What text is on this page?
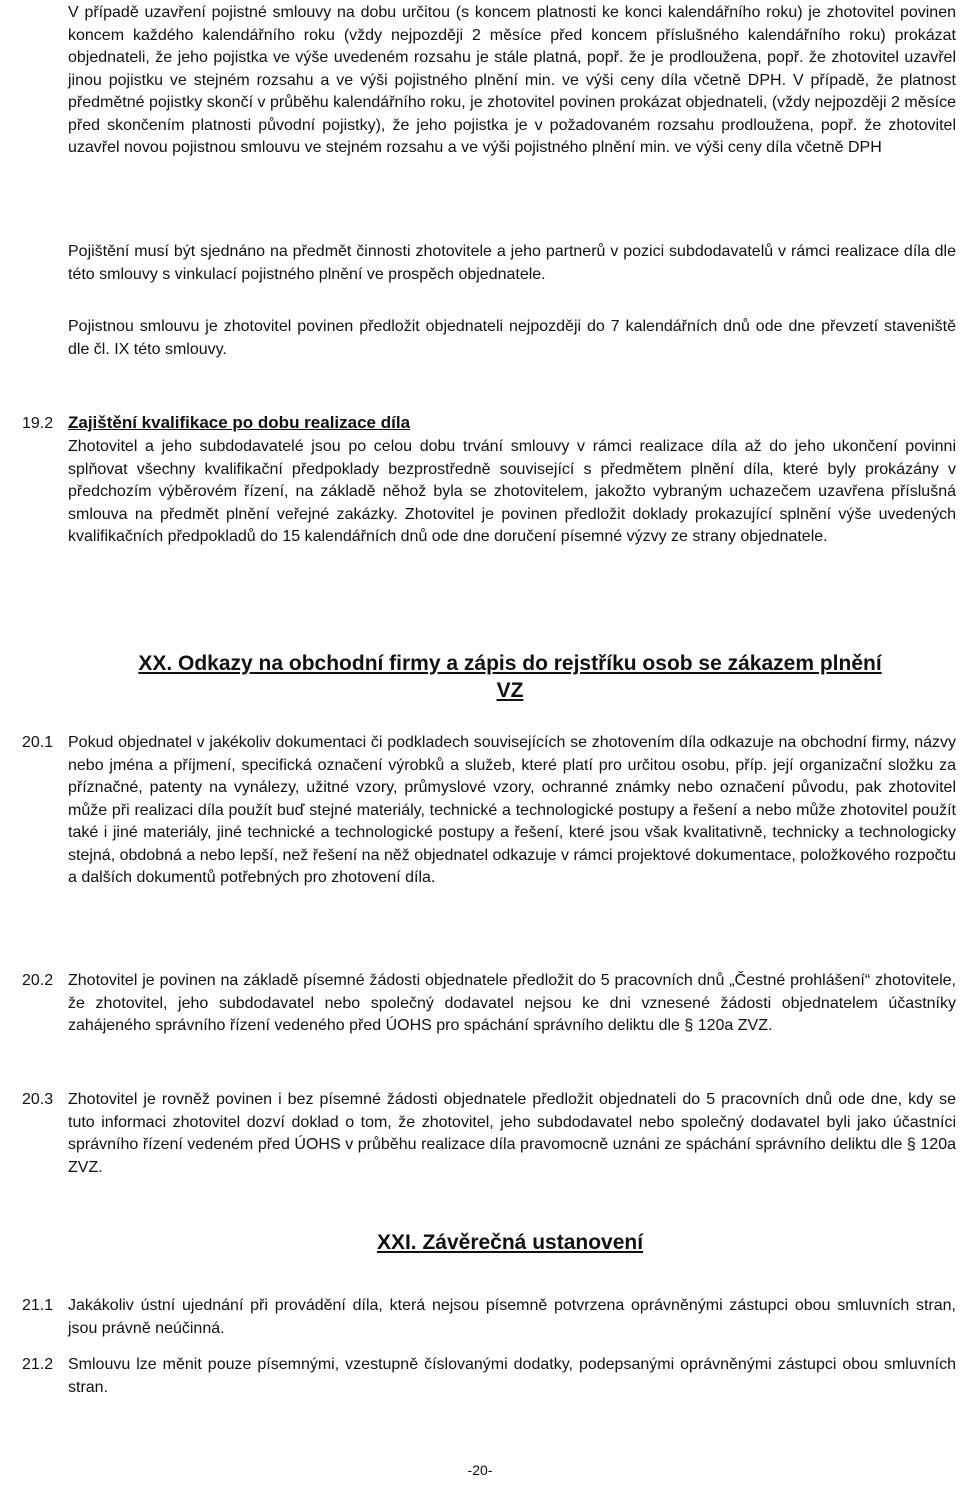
V případě uzavření pojistné smlouvy na dobu určitou (s koncem platnosti ke konci kalendářního roku) je zhotovitel povinen koncem každého kalendářního roku (vždy nejpozději 2 měsíce před koncem příslušného kalendářního roku) prokázat objednateli, že jeho pojistka ve výše uvedeném rozsahu je stále platná, popř. že je prodloužena, popř. že zhotovitel uzavřel jinou pojistku ve stejném rozsahu a ve výši pojistného plnění min. ve výši ceny díla včetně DPH. V případě, že platnost předmětné pojistky skončí v průběhu kalendářního roku, je zhotovitel povinen prokázat objednateli, (vždy nejpozději 2 měsíce před skončením platnosti původní pojistky), že jeho pojistka je v požadovaném rozsahu prodloužena, popř. že zhotovitel uzavřel novou pojistnou smlouvu ve stejném rozsahu a ve výši pojistného plnění min. ve výši ceny díla včetně DPH
Pojištění musí být sjednáno na předmět činnosti zhotovitele a jeho partnerů v pozici subdodavatelů v rámci realizace díla dle této smlouvy s vinkulací pojistného plnění ve prospěch objednatele.
Pojistnou smlouvu je zhotovitel povinen předložit objednateli nejpozději do 7 kalendářních dnů ode dne převzetí staveniště dle čl. IX této smlouvy.
19.2 Zajištění kvalifikace po dobu realizace díla
Zhotovitel a jeho subdodavatelé jsou po celou dobu trvání smlouvy v rámci realizace díla až do jeho ukončení povinni splňovat všechny kvalifikační předpoklady bezprostředně související s předmětem plnění díla, které byly prokázány v předchozím výběrovém řízení, na základě něhož byla se zhotovitelem, jakožto vybraným uchazečem uzavřena příslušná smlouva na předmět plnění veřejné zakázky. Zhotovitel je povinen předložit doklady prokazující splnění výše uvedených kvalifikačních předpokladů do 15 kalendářních dnů ode dne doručení písemné výzvy ze strany objednatele.
XX. Odkazy na obchodní firmy a zápis do rejstříku osob se zákazem plnění
VZ
20.1 Pokud objednatel v jakékoliv dokumentaci či podkladech souvisejících se zhotovením díla odkazuje na obchodní firmy, názvy nebo jména a příjmení, specifická označení výrobků a služeb, které platí pro určitou osobu, příp. její organizační složku za příznačné, patenty na vynálezy, užitné vzory, průmyslové vzory, ochranné známky nebo označení původu, pak zhotovitel může při realizaci díla použít buď stejné materiály, technické a technologické postupy a řešení a nebo může zhotovitel použít také i jiné materiály, jiné technické a technologické postupy a řešení, které jsou však kvalitativně, technicky a technologicky stejná, obdobná a nebo lepší, než řešení na něž objednatel odkazuje v rámci projektové dokumentace, položkového rozpočtu a dalších dokumentů potřebných pro zhotovení díla.
20.2 Zhotovitel je povinen na základě písemné žádosti objednatele předložit do 5 pracovních dnů „Čestné prohlášení“ zhotovitele, že zhotovitel, jeho subdodavatel nebo společný dodavatel nejsou ke dni vznesené žádosti objednatelem účastníky zahájeného správního řízení vedeného před ÚOHS pro spáchání správního deliktu dle § 120a ZVZ.
20.3 Zhotovitel je rovněž povinen i bez písemné žádosti objednatele předložit objednateli do 5 pracovních dnů ode dne, kdy se tuto informaci zhotovitel dozví doklad o tom, že zhotovitel, jeho subdodavatel nebo společný dodavatel byli jako účastníci správního řízení vedeném před ÚOHS v průběhu realizace díla pravomocně uznáni ze spáchání správního deliktu dle § 120a ZVZ.
XXI. Závěrečná ustanovení
21.1 Jakákoliv ústní ujednání při provádění díla, která nejsou písemně potvrzena oprávněnými zástupci obou smluvních stran, jsou právně neúčinná.
21.2 Smlouvu lze měnit pouze písemnými, vzestupně číslovanými dodatky, podepsanými oprávněnými zástupci obou smluvních stran.
-20-
